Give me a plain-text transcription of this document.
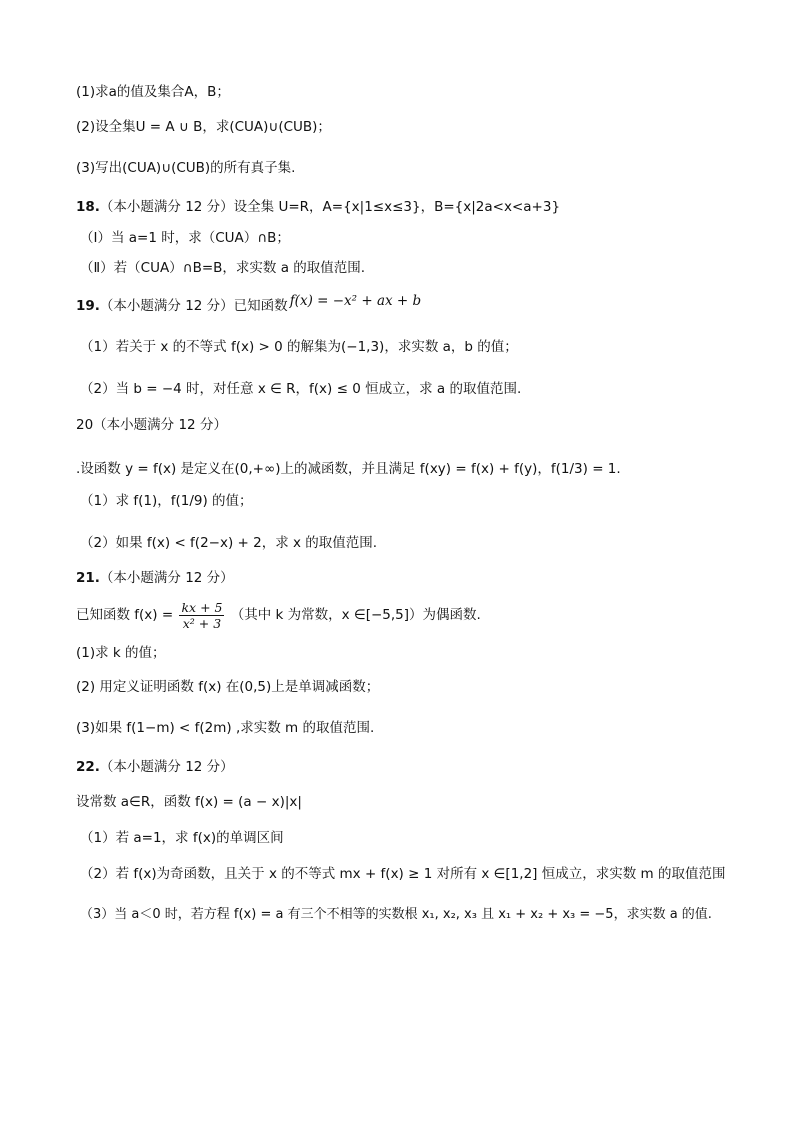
(1)求a的值及集合A，B；
(2)设全集U = A ∪ B，求(CUA)∪(CUB)；
(3)写出(CUA)∪(CUB)的所有真子集.
18.（本小题满分 12 分）设全集 U=R，A={x|1≤x≤3}，B={x|2a<x<a+3}
（Ⅰ）当 a=1 时，求（CUA）∩B；
（Ⅱ）若（CUA）∩B=B，求实数 a 的取值范围.
19.（本小题满分 12 分）已知函数 f(x) = −x² + ax + b
（1）若关于 x 的不等式 f(x) > 0 的解集为(−1,3)，求实数 a，b 的值；
（2）当 b = −4 时，对任意 x ∈ R，f(x) ≤ 0 恒成立，求 a 的取值范围.
20（本小题满分 12 分）
.设函数 y = f(x) 是定义在(0,+∞)上的减函数，并且满足 f(xy) = f(x) + f(y)，f(1/3) = 1.
（1）求 f(1)，f(1/9) 的值；
（2）如果 f(x) < f(2−x) + 2，求 x 的取值范围.
21.（本小题满分 12 分）
已知函数 $f(x) = \frac{kx + 5}{\text{x² + 3}}$ （其中 k 为常数，x ∈[−5,5]）为偶函数.
(1)求 k 的值；
(2) 用定义证明函数 f(x) 在(0,5)上是单调减函数；
(3)如果 f(1−m) < f(2m) ,求实数 m 的取值范围.
22.（本小题满分 12 分）
设常数 a∈R，函数 f(x) = (a − x)|x|
（1）若 a=1，求 f(x)的单调区间
（2）若 f(x)为奇函数，且关于 x 的不等式 mx + f(x) ≥ 1 对所有 x ∈[1,2] 恒成立，求实数 m 的取值范围
（3）当 a＜0 时，若方程 f(x) = a 有三个不相等的实数根 x₁, x₂, x₃ 且 x₁ + x₂ + x₃ = −5，求实数 a 的值.
